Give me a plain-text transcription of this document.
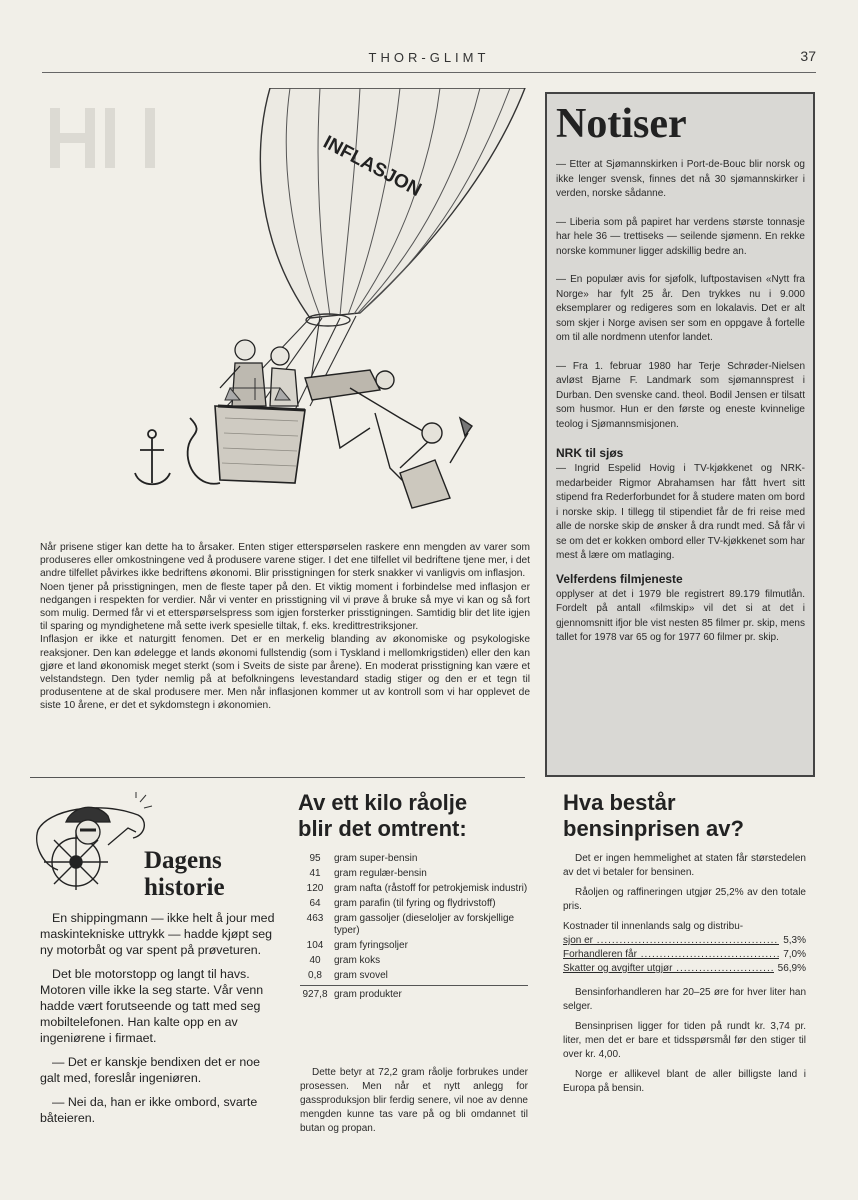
THOR-GLIMT	37
INFLASJON

Når prisene stiger kan dette ha to årsaker. Enten stiger etterspørselen raskere enn mengden av varer som produseres eller omkostningene ved å produsere varene stiger. I det ene tilfellet vil bedriftene tjene mer, i det andre tilfellet påvirkes ikke bedriftens økonomi. Blir prisstigningen for sterk snakker vi vanligvis om inflasjon.

Noen tjener på prisstigningen, men de fleste taper på den. Et viktig moment i forbindelse med inflasjon er nedgangen i respekten for verdier. Når vi venter en prisstigning vil vi prøve å bruke så mye vi kan og så fort som mulig. Dermed får vi et etterspørselspress som igjen forsterker prisstigningen. Samtidig blir det lite igjen til sparing og myndighetene må sette iverk spesielle tiltak, f. eks. kredittrestriksjoner.

Inflasjon er ikke et naturgitt fenomen. Det er en merkelig blanding av økonomiske og psykologiske reaksjoner. Den kan ødelegge et lands økonomi fullstendig (som i Tyskland i mellomkrigstiden) eller den kan gjøre et land økonomisk meget sterkt (som i Sveits de siste par årene). En moderat prisstigning kan være et velstandstegn. Den tyder nemlig på at befolkningens levestandard stadig stiger og den er et tegn til produsentene at de skal produsere mer. Men når inflasjonen kommer ut av kontroll som vi har opplevet de siste 10 årene, er det et sykdomstegn i økonomien.

Notiser

— Etter at Sjømannskirken i Port-de-Bouc blir norsk og ikke lenger svensk, finnes det nå 30 sjømannskirker i verden, norske sådanne.

— Liberia som på papiret har verdens største tonnasje har hele 36 — trettiseks — seilende sjømenn. En rekke norske kommuner ligger adskillig bedre an.

— En populær avis for sjøfolk, luftpostavisen «Nytt fra Norge» har fylt 25 år. Den trykkes nu i 9.000 eksemplarer og redigeres som en lokalavis. Det er alt som skjer i Norge avisen ser som en oppgave å fortelle om til alle nordmenn utenfor landet.

— Fra 1. februar 1980 har Terje Schrøder-Nielsen avløst Bjarne F. Landmark som sjømannsprest i Durban. Den svenske cand. theol. Bodil Jensen er tilsatt som husmor. Hun er den første og eneste kvinnelige teolog i Sjømannsmisjonen.

NRK til sjøs

— Ingrid Espelid Hovig i TV-kjøkkenet og NRK-medarbeider Rigmor Abrahamsen har fått hvert sitt stipend fra Rederforbundet for å studere maten om bord i norske skip. I tillegg til stipendiet får de fri reise med alle de norske skip de ønsker å dra rundt med. Så får vi se om det er kokken ombord eller TV-kjøkkenet som har mest å lære om matlaging.

Velferdens filmjeneste

opplyser at det i 1979 ble registrert 89.179 filmutlån. Fordelt på antall «filmskip» vil det si at det i gjennomsnitt ifjor ble vist nesten 85 filmer pr. skip, mens tallet for 1978 var 65 og for 1977 60 filmer pr. skip.

Dagens
historie

En shippingmann — ikke helt å jour med maskintekniske uttrykk — hadde kjøpt seg ny motorbåt og var spent på prøveturen.

Det ble motorstopp og langt til havs. Motoren ville ikke la seg starte. Vår venn hadde vært forutseende og tatt med seg mobiltelefonen. Han kalte opp en av ingeniørene i firmaet.

— Det er kanskje bendixen det er noe galt med, foreslår ingeniøren.

— Nei da, han er ikke ombord, svarte båteieren.

Av ett kilo råolje
blir det omtrent:
95	gram super-bensin
41	gram regulær-bensin
120	gram nafta (råstoff for petrokjemisk industri)
64	gram parafin (til fyring og flydrivstoff)
463	gram gassoljer (dieseloljer av forskjellige typer)
104	gram fyringsoljer
40	gram koks
0,8	gram svovel
927,8 gram produkter

Dette betyr at 72,2 gram råolje forbrukes under prosessen. Men når et nytt anlegg for gassproduksjon blir ferdig senere, vil noe av denne mengden kunne tas vare på og bli omdannet til butan og propan.

Hva består
bensinprisen av?

Det er ingen hemmelighet at staten får størstedelen av det vi betaler for bensinen.

Råoljen og raffineringen utgjør 25,2% av den totale pris.

Kostnader til innenlands salg og distribu-

sjon er .....	5,3%
Forhandleren får .....	7,0%
Skatter og avgifter utgjør .....	56,9%

Bensinforhandleren har 20–25 øre for hver liter han selger.

Bensinprisen ligger for tiden på rundt kr. 3,74 pr. liter, men det er bare et tidsspørsmål før den stiger til over kr. 4,00.

Norge er allikevel blant de aller billigste land i Europa på bensin.
